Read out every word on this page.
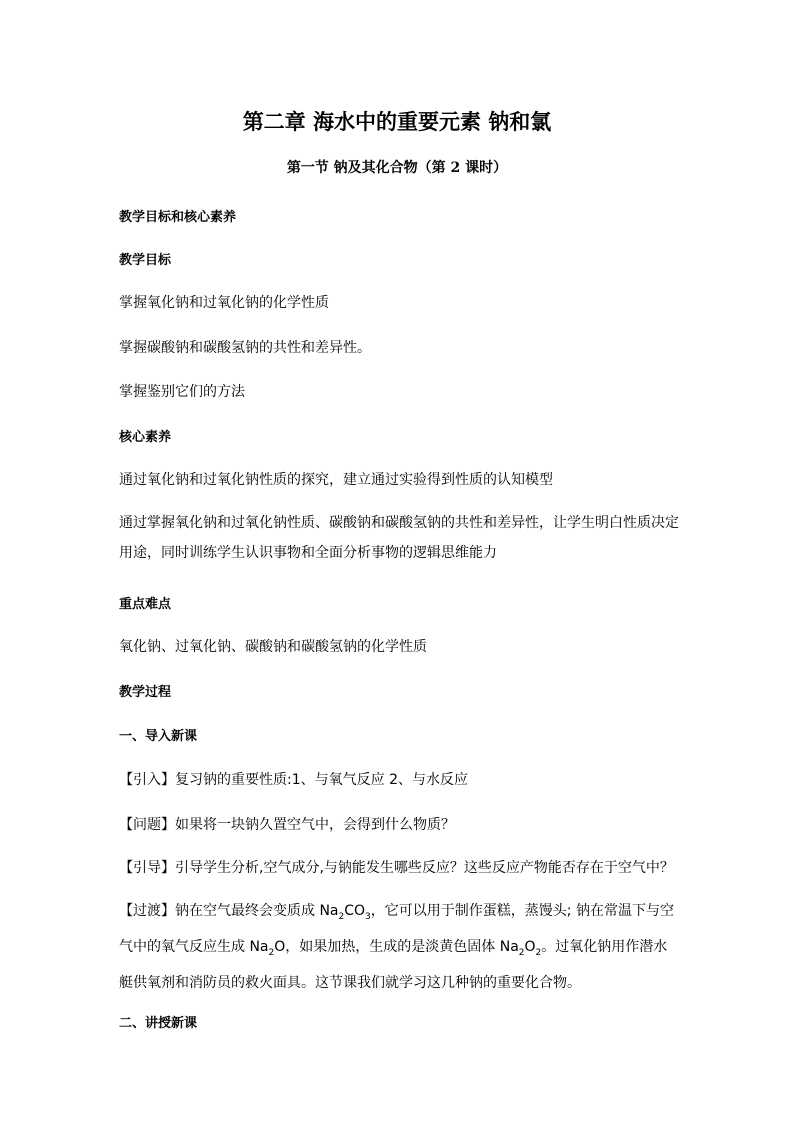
第二章 海水中的重要元素 钠和氯
第一节 钠及其化合物（第 2 课时）
教学目标和核心素养
教学目标
掌握氧化钠和过氧化钠的化学性质
掌握碳酸钠和碳酸氢钠的共性和差异性。
掌握鉴别它们的方法
核心素养
通过氧化钠和过氧化钠性质的探究，建立通过实验得到性质的认知模型
通过掌握氧化钠和过氧化钠性质、碳酸钠和碳酸氢钠的共性和差异性，让学生明白性质决定用途，同时训练学生认识事物和全面分析事物的逻辑思维能力
重点难点
氧化钠、过氧化钠、碳酸钠和碳酸氢钠的化学性质
教学过程
一、导入新课
【引入】复习钠的重要性质:1、与氧气反应 2、与水反应
【问题】如果将一块钠久置空气中，会得到什么物质？
【引导】引导学生分析,空气成分,与钠能发生哪些反应？这些反应产物能否存在于空气中？
【过渡】钠在空气最终会变质成 $Na_2CO_3$，它可以用于制作蛋糕，蒸馒头; 钠在常温下与空气中的氧气反应生成 $Na_2O$，如果加热，生成的是淡黄色固体 $Na_2O_2$。过氧化钠用作潜水艇供氧剂和消防员的救火面具。这节课我们就学习这几种钠的重要化合物。
二、讲授新课
